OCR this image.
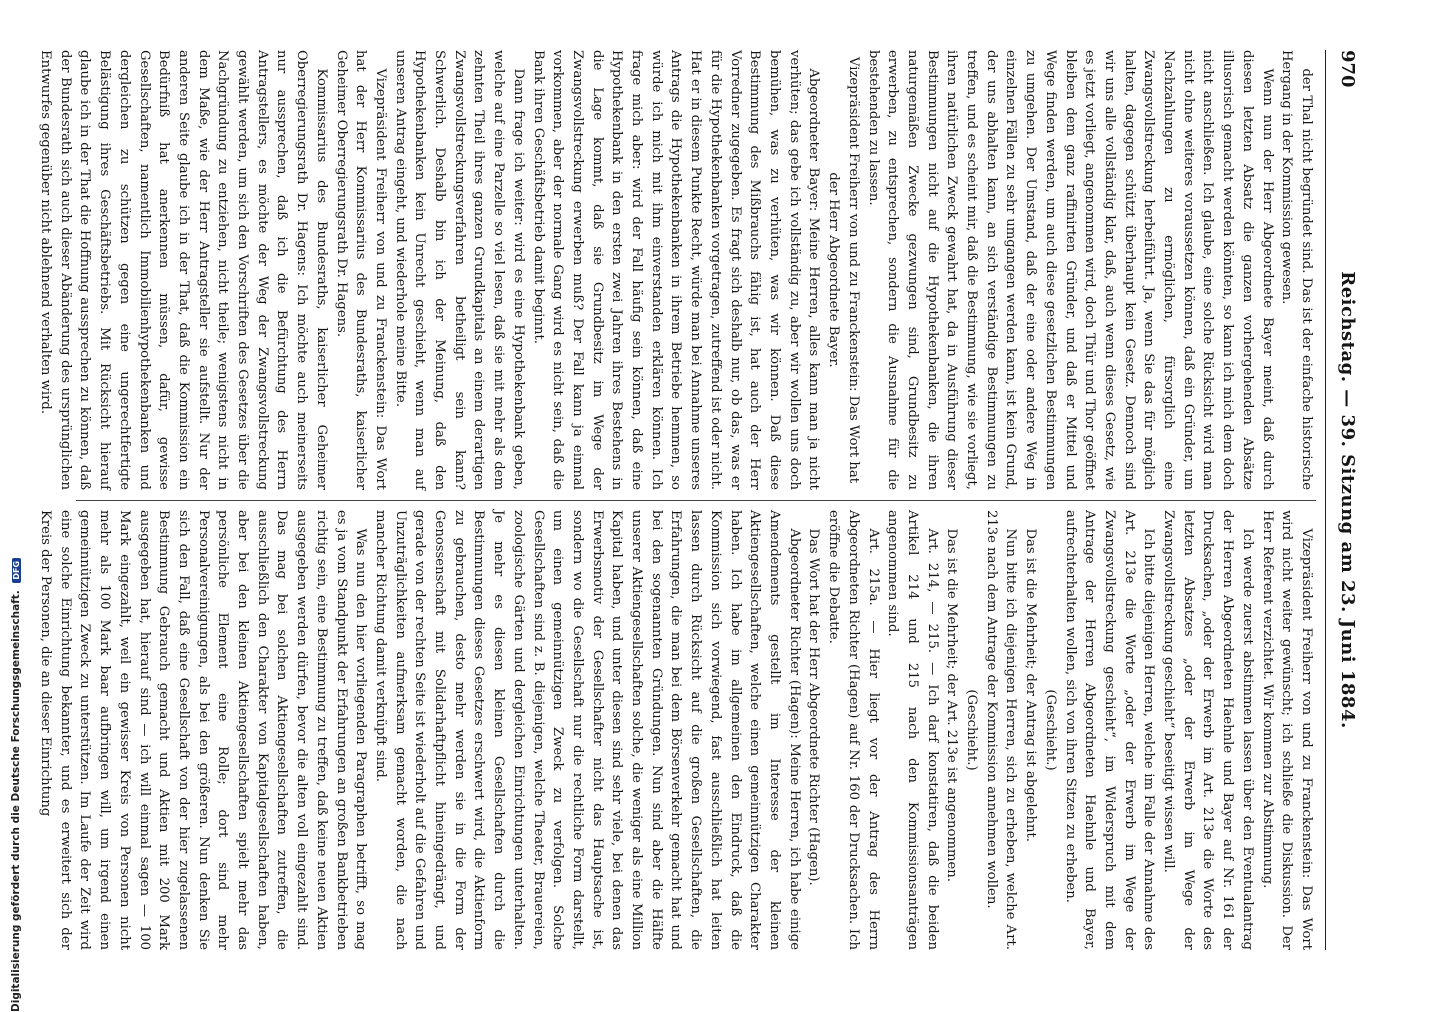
970
Reichstag. — 39. Sitzung am 23. Juni 1884.

der Thal nicht begründet sind. Das ist der einfache historische Hergang in der Kommission gewesen.

Wenn nun der Herr Abgeordnete Bayer meint, daß durch diesen letzten Absatz die ganzen vorhergehenden Absätze illusorisch gemacht werden könnten, so kann ich mich dem doch nicht anschließen. Ich glaube, eine solche Rücksicht wird man nicht ohne weiteres voraussetzen können, daß ein Gründer, um Nachzahlungen zu ermöglichen, fürsorglich eine Zwangsvollstreckung herbeiführt. Ja, wenn Sie das für möglich halten, dagegen schützt überhaupt kein Gesetz. Dennoch sind wir uns alle vollständig klar, daß, auch wenn dieses Gesetz, wie es jetzt vorliegt, angenommen wird, doch Thür und Thor geöffnet bleiben dem ganz raffinirten Gründer, und daß er Mittel und Wege finden werden, um auch diese gesetzlichen Bestimmungen zu umgehen. Der Umstand, daß der eine oder andere Weg in einzelnen Fällen zu sehr umgangen werden kann, ist kein Grund, der uns abhalten kann, an sich verständige Bestimmungen zu treffen, und es scheint mir, daß die Bestimmung, wie sie vorliegt, ihren natürlichen Zweck gewahrt hat, da in Ausführung dieser Bestimmungen nicht auf die Hypothekenbanken, die ihren naturgemäßen Zwecke gezwungen sind, Grundbesitz zu erwerben, zu entsprechen, sondern die Ausnahme für die bestehenden zu lassen.

Vizepräsident Freiherr von und zu Franckenstein: Das Wort hat der Herr Abgeordnete Bayer.

Abgeordneter Bayer: Meine Herren, alles kann man ja nicht verhüten; das gebe ich vollständig zu, aber wir wollen uns doch bemühen, was zu verhüten, was wir können. Daß diese Bestimmung des Mißbrauchs fähig ist, hat auch der Herr Vorredner zugegeben. Es fragt sich deshalb nur, ob das, was er für die Hypothekenbanken vorgetragen, zutreffend ist oder nicht. Hat er in diesem Punkte Recht, würde man bei Annahme unseres Antrags die Hypothekenbanken in ihrem Betriebe hemmen, so würde ich mich mit ihm einverstanden erklären können. Ich frage mich aber: wird der Fall häufig sein können, daß eine Hypothekenbank in den ersten zwei Jahren ihres Bestehens in die Lage kommt, daß sie Grundbesitz im Wege der Zwangsvollstreckung erwerben muß? Der Fall kann ja einmal vorkommen, aber der normale Gang wird es nicht sein, daß die Bank ihren Geschäftsbetrieb damit beginnt.

Dann frage ich weiter: wird es eine Hypothekenbank geben, welche auf eine Parzelle so viel lesen, daß sie mit mehr als dem zehnten Theil ihres ganzen Grundkapitals an einem derartigen Zwangsvollstreckungsverfahren betheiligt sein kann? Schwerlich. Deshalb bin ich der Meinung, daß den Hypothekenbanken kein Unrecht geschieht, wenn man auf unseren Antrag eingeht, und wiederhole meine Bitte.

Vizepräsident Freiherr von und zu Franckenstein: Das Wort hat der Herr Kommissarius des Bundesraths, kaiserlicher Geheimer Oberregierungsrath Dr. Hagens.

Kommissarius des Bundesraths, kaiserlicher Geheimer Oberregierungsrath Dr. Hagens: Ich möchte auch meinerseits nur aussprechen, daß ich die Befürchtung des Herrn Antragstellers, es möchte der Weg der Zwangsvollstreckung gewählt werden, um sich den Vorschriften des Gesetzes über die Nachgründung zu entziehen, nicht theile; wenigstens nicht in dem Maße, wie der Herr Antragsteller sie aufstellt. Nur der anderen Seite glaube ich in der That, daß die Kommission ein Bedürfniß hat anerkennen müssen, dafür, gewisse Gesellschaften, namentlich Immobilienhypothekenbanken und dergleichen zu schützen gegen eine ungerechtfertigte Belästigung ihres Geschäftsbetriebs. Mit Rücksicht hierauf glaube ich in der That die Hoffnung aussprechen zu können, daß der Bundesrath sich auch dieser Abänderung des ursprünglichen Entwurfes gegenüber nicht ablehnend verhalten wird.

Vizepräsident Freiherr von und zu Franckenstein: Das Wort wird nicht weiter gewünscht; ich schließe die Diskussion. Der Herr Referent verzichtet. Wir kommen zur Abstimmung.

Ich werde zuerst abstimmen lassen über den Eventualantrag der Herren Abgeordneten Haehnle und Bayer auf Nr. 161 der Drucksachen, „oder der Erwerb im Art. 213e die Worte des letzten Absatzes „oder der Erwerb im Wege der Zwangsvollstreckung geschieht“ beseitigt wissen will.

Ich bitte diejenigen Herren, welche im Falle der Annahme des Art. 213e die Worte „oder der Erwerb im Wege der Zwangsvollstreckung geschieht“, im Widerspruch mit dem Antrage der Herren Abgeordneten Haehnle und Bayer, aufrechterhalten wollen, sich von ihren Sitzen zu erheben.

(Geschieht.)

Das ist die Mehrheit; der Antrag ist abgelehnt.

Nun bitte ich diejenigen Herren, sich zu erheben, welche Art. 213e nach dem Antrage der Kommission annehmen wollen.

(Geschieht.)

Das ist die Mehrheit; der Art. 213e ist angenommen.

Art. 214, — 215. — Ich darf konstatiren, daß die beiden Artikel 214 und 215 nach den Kommissionsanträgen angenommen sind.

Art. 215a. — Hier liegt vor der Antrag des Herrn Abgeordneten Richter (Hagen) auf Nr. 160 der Drucksachen. Ich eröffne die Debatte.

Das Wort hat der Herr Abgeordnete Richter (Hagen).

Abgeordneter Richter (Hagen): Meine Herren, ich habe einige Amendements gestellt im Interesse der kleinen Aktiengesellschaften, welche einen gemeinnützigen Charakter haben. Ich habe im allgemeinen den Eindruck, daß die Kommission sich vorwiegend, fast ausschließlich hat leiten lassen durch Rücksicht auf die großen Gesellschaften, die Erfahrungen, die man bei dem Börsenverkehr gemacht hat und bei den sogenannten Gründungen. Nun sind aber die Hälfte unserer Aktiengesellschaften solche, die weniger als eine Million Kapital haben, und unter diesen sind sehr viele, bei denen das Erwerbsmotiv der Gesellschafter nicht das Hauptsache ist, sondern wo die Gesellschaft nur die rechtliche Form darstellt, um einen gemeinnützigen Zweck zu verfolgen. Solche Gesellschaften sind z. B. diejenigen, welche Theater, Brauereien, zoologische Gärten und dergleichen Einrichtungen unterhalten. Je mehr es diesen kleinen Gesellschaften durch die Bestimmungen dieses Gesetzes erschwert wird, die Aktienform zu gebrauchen, desto mehr werden sie in die Form der Genossenschaft mit Solidarhaftpflicht hineingedrängt, und gerade von der rechten Seite ist wiederholt auf die Gefahren und Unzuträglichkeiten aufmerksam gemacht worden, die nach mancher Richtung damit verknüpft sind.

Was nun den hier vorliegenden Paragraphen betrifft, so mag es ja vom Standpunkt der Erfahrungen an großen Bankbetrieben richtig sein, eine Bestimmung zu treffen, daß keine neuen Aktien ausgegeben werden dürfen, bevor die alten voll eingezahlt sind. Das mag bei solchen Aktiengesellschaften zutreffen, die ausschließlich den Charakter von Kapitalgesellschaften haben, aber bei den kleinen Aktiengesellschaften spielt mehr das persönliche Element eine Rolle; dort sind mehr Personalvereinigungen, als bei den größeren. Nun denken Sie sich den Fall, daß eine Gesellschaft von der hier zugelassenen Bestimmung Gebrauch gemacht und Aktien mit 200 Mark ausgegeben hat, hierauf sind — ich will einmal sagen — 100 Mark eingezahlt, weil ein gewisser Kreis von Personen nicht mehr als 100 Mark baar aufbringen will, um irgend einen gemeinnützigen Zweck zu unterstützen. Im Laufe der Zeit wird eine solche Einrichtung bekannter, und es erweitert sich der Kreis der Personen, die an dieser Einrichtung

Digitalisierung gefördert durch die Deutsche Forschungsgemeinschaft. DFG
